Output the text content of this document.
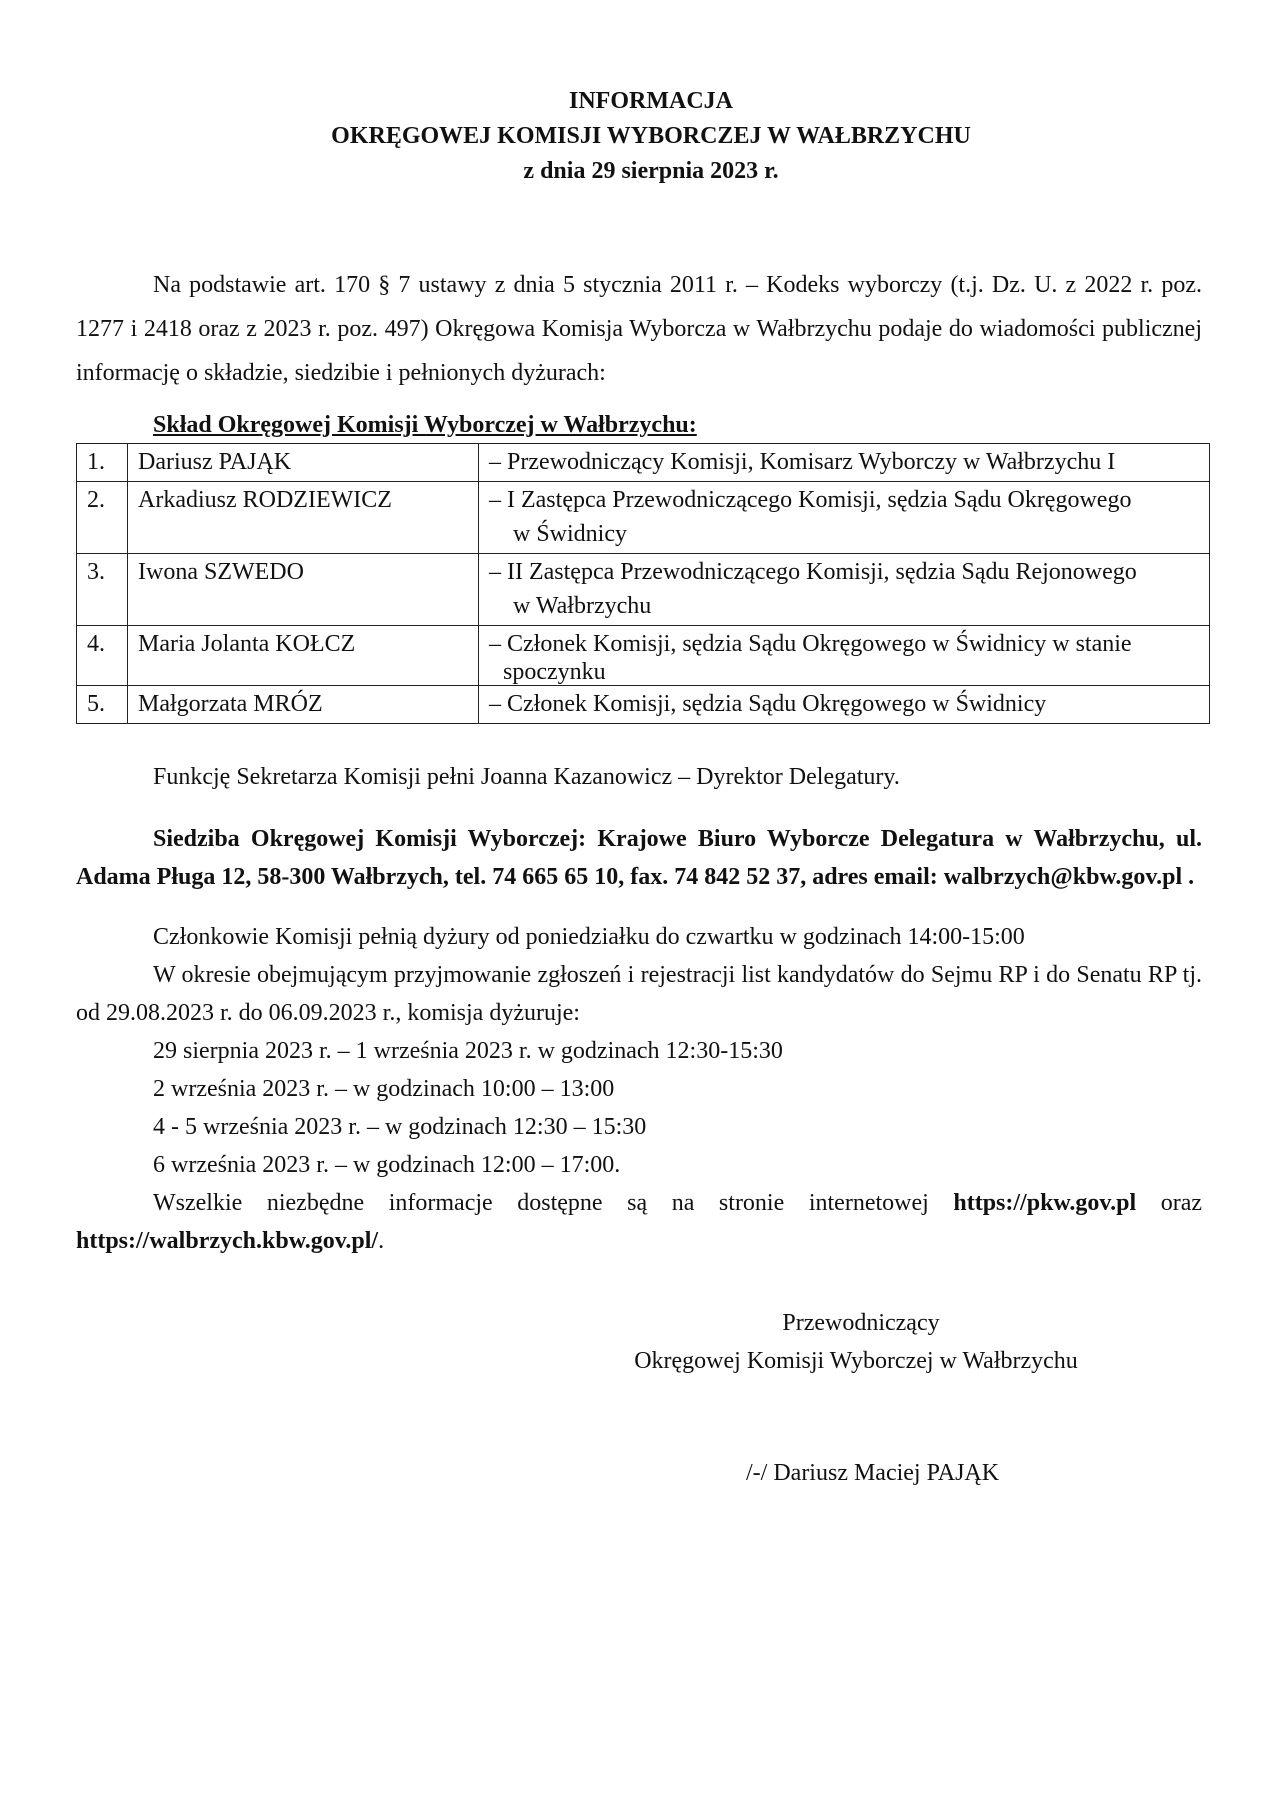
INFORMACJA
OKRĘGOWEJ KOMISJI WYBORCZEJ W WAŁBRZYCHU
z dnia 29 sierpnia 2023 r.
Na podstawie art. 170 § 7 ustawy z dnia 5 stycznia 2011 r. – Kodeks wyborczy (t.j. Dz. U. z 2022 r. poz. 1277 i 2418 oraz z 2023 r. poz. 497) Okręgowa Komisja Wyborcza w Wałbrzychu podaje do wiadomości publicznej informację o składzie, siedzibie i pełnionych dyżurach:
Skład Okręgowej Komisji Wyborczej w Wałbrzychu:
1.	Dariusz PAJĄK	– Przewodniczący Komisji, Komisarz Wyborczy w Wałbrzychu I
2.	Arkadiusz RODZIEWICZ	– I Zastępca Przewodniczącego Komisji, sędzia Sądu Okręgowego
w Świdnicy

3.	Iwona SZWEDO	– II Zastępca Przewodniczącego Komisji, sędzia Sądu Rejonowego
w Wałbrzychu

4.	Maria Jolanta KOŁCZ	– Członek Komisji, sędzia Sądu Okręgowego w Świdnicy w stanie
spoczynku

5.	Małgorzata MRÓZ	– Członek Komisji, sędzia Sądu Okręgowego w Świdnicy
Funkcję Sekretarza Komisji pełni Joanna Kazanowicz – Dyrektor Delegatury.
Siedziba Okręgowej Komisji Wyborczej: Krajowe Biuro Wyborcze Delegatura w Wałbrzychu, ul. Adama Pługa 12, 58-300 Wałbrzych, tel. 74 665 65 10, fax. 74 842 52 37, adres email: walbrzych@kbw.gov.pl .
Członkowie Komisji pełnią dyżury od poniedziałku do czwartku w godzinach 14:00-15:00

W okresie obejmującym przyjmowanie zgłoszeń i rejestracji list kandydatów do Sejmu RP i do Senatu RP tj. od 29.08.2023 r. do 06.09.2023 r., komisja dyżuruje:

29 sierpnia 2023 r. – 1 września 2023 r. w godzinach 12:30-15:30
2 września 2023 r. – w godzinach 10:00 – 13:00
4 - 5 września 2023 r. – w godzinach 12:30 – 15:30
6 września 2023 r. – w godzinach 12:00 – 17:00.

Wszelkie niezbędne informacje dostępne są na stronie internetowej https://pkw.gov.pl oraz https://walbrzych.kbw.gov.pl/.

Przewodniczący
Okręgowej Komisji Wyborczej w Wałbrzychu
/-/ Dariusz Maciej PAJĄK
